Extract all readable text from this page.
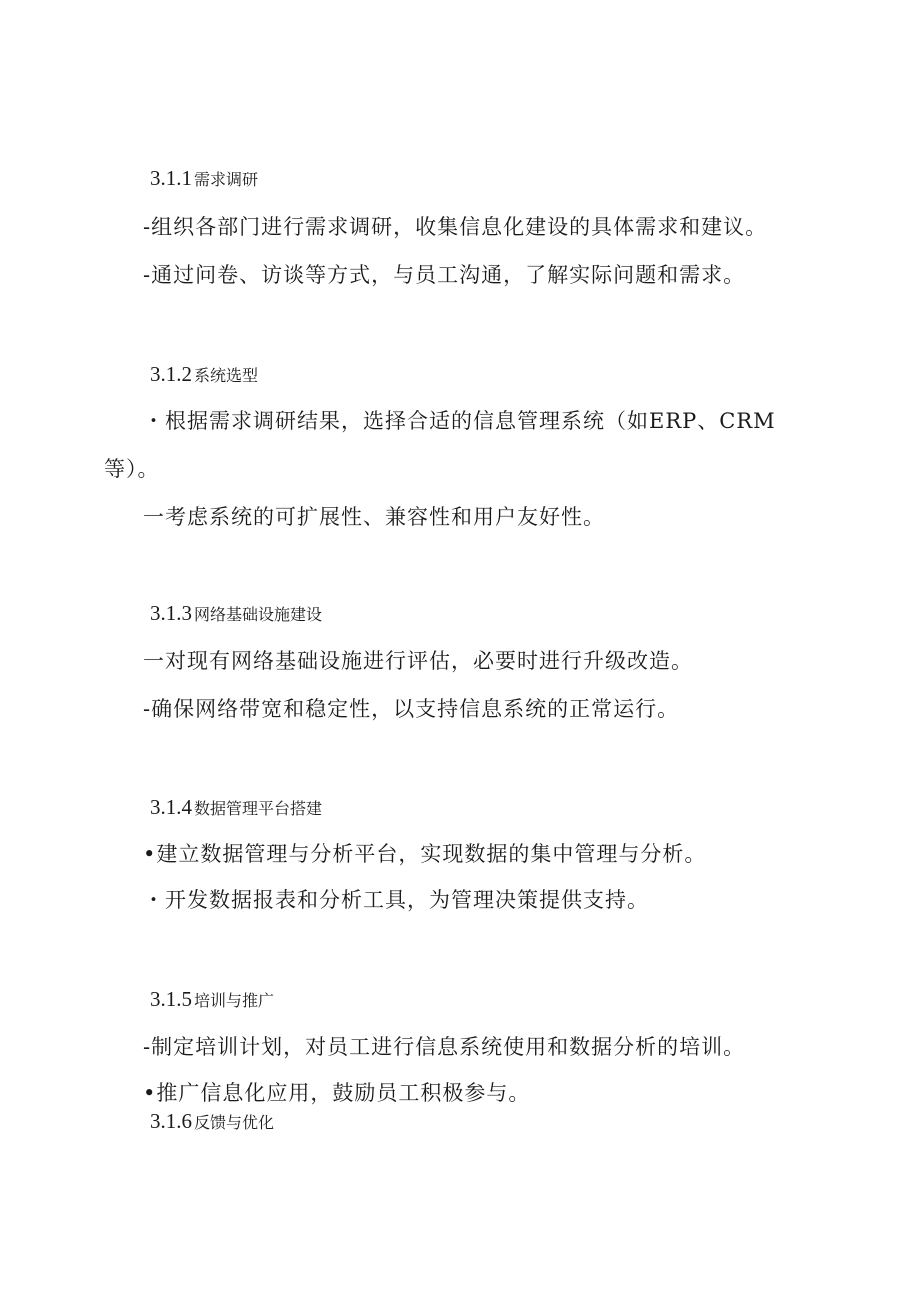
3.1.1 需求调研
-组织各部门进行需求调研，收集信息化建设的具体需求和建议。
-通过问卷、访谈等方式，与员工沟通，了解实际问题和需求。
3.1.2 系统选型
・根据需求调研结果，选择合适的信息管理系统（如ERP、CRM
等）。
一考虑系统的可扩展性、兼容性和用户友好性。
3.1.3 网络基础设施建设
一对现有网络基础设施进行评估，必要时进行升级改造。
-确保网络带宽和稳定性，以支持信息系统的正常运行。
3.1.4 数据管理平台搭建
•建立数据管理与分析平台，实现数据的集中管理与分析。
・开发数据报表和分析工具，为管理决策提供支持。
3.1.5 培训与推广
-制定培训计划，对员工进行信息系统使用和数据分析的培训。
•推广信息化应用，鼓励员工积极参与。
3.1.6 反馈与优化
